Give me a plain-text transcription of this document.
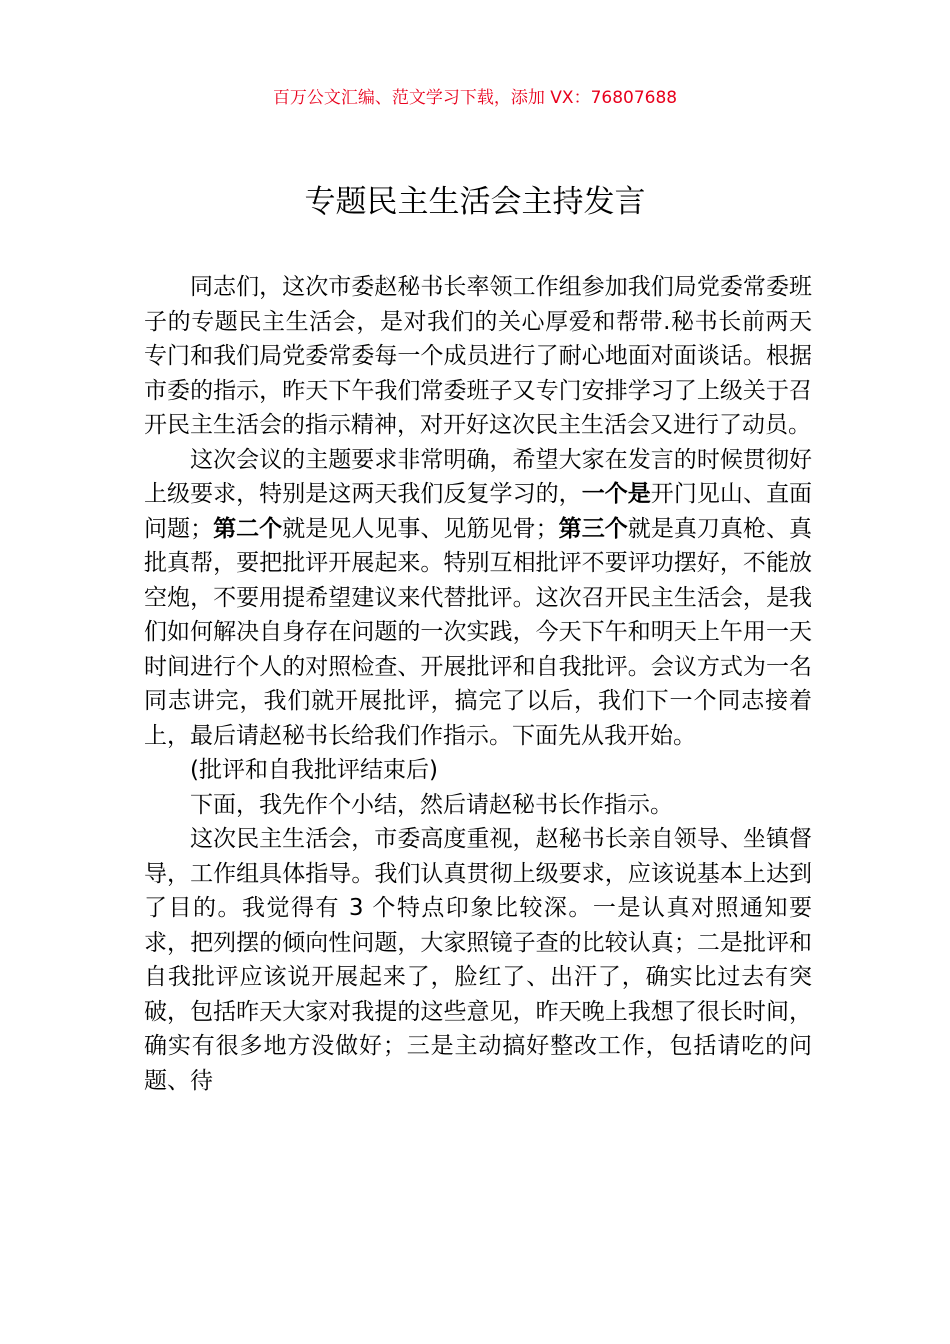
百万公文汇编、范文学习下载，添加 VX：76807688
专题民主生活会主持发言

同志们，这次市委赵秘书长率领工作组参加我们局党委常委班子的专题民主生活会，是对我们的关心厚爱和帮带.秘书长前两天专门和我们局党委常委每一个成员进行了耐心地面对面谈话。根据市委的指示，昨天下午我们常委班子又专门安排学习了上级关于召开民主生活会的指示精神，对开好这次民主生活会又进行了动员。

这次会议的主题要求非常明确，希望大家在发言的时候贯彻好上级要求，特别是这两天我们反复学习的，一个是开门见山、直面问题；第二个就是见人见事、见筋见骨；第三个就是真刀真枪、真批真帮，要把批评开展起来。特别互相批评不要评功摆好，不能放空炮，不要用提希望建议来代替批评。这次召开民主生活会，是我们如何解决自身存在问题的一次实践，今天下午和明天上午用一天时间进行个人的对照检查、开展批评和自我批评。会议方式为一名同志讲完，我们就开展批评，搞完了以后，我们下一个同志接着上，最后请赵秘书长给我们作指示。下面先从我开始。

(批评和自我批评结束后)

下面，我先作个小结，然后请赵秘书长作指示。

这次民主生活会，市委高度重视，赵秘书长亲自领导、坐镇督导，工作组具体指导。我们认真贯彻上级要求，应该说基本上达到了目的。我觉得有 3 个特点印象比较深。一是认真对照通知要求，把列摆的倾向性问题，大家照镜子查的比较认真；二是批评和自我批评应该说开展起来了，脸红了、出汗了，确实比过去有突破，包括昨天大家对我提的这些意见，昨天晚上我想了很长时间，确实有很多地方没做好；三是主动搞好整改工作，包括请吃的问题、待
